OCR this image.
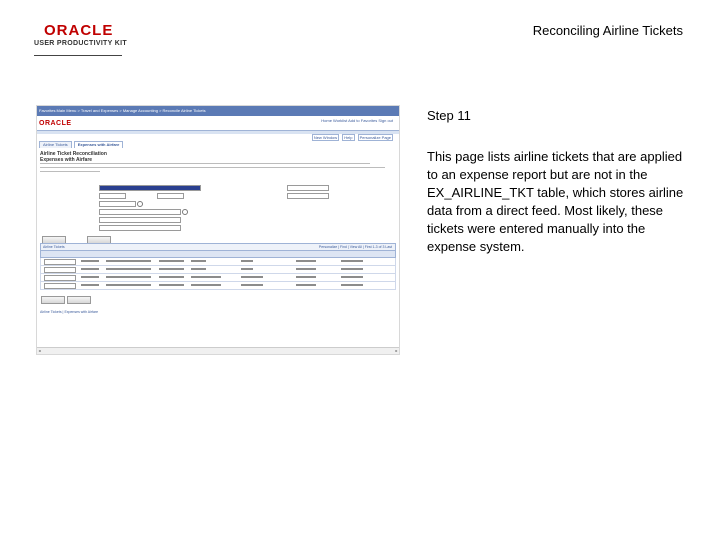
ORACLE
USER PRODUCTIVITY KIT
Reconciling Airline Tickets
Favorites Main Menu > Travel and Expenses > Manage Accounting > Reconcile Airline Tickets
Home Worklist Add to Favorites Sign out
ORACLE
New Window Help Personalize Page
Airline Tickets	Expenses with Airfare
Airline Ticket Reconciliation
Expenses with Airfare
Airline Tickets	Personalize | Find | View All | First 1-3 of 3 Last
Airline Tickets | Expenses with Airfare
◂	▸
Step 11
This page lists airline tickets that are applied to an expense report but are not in the EX_AIRLINE_TKT table, which stores airline data from a direct feed. Most likely, these tickets were entered manually into the expense system.
